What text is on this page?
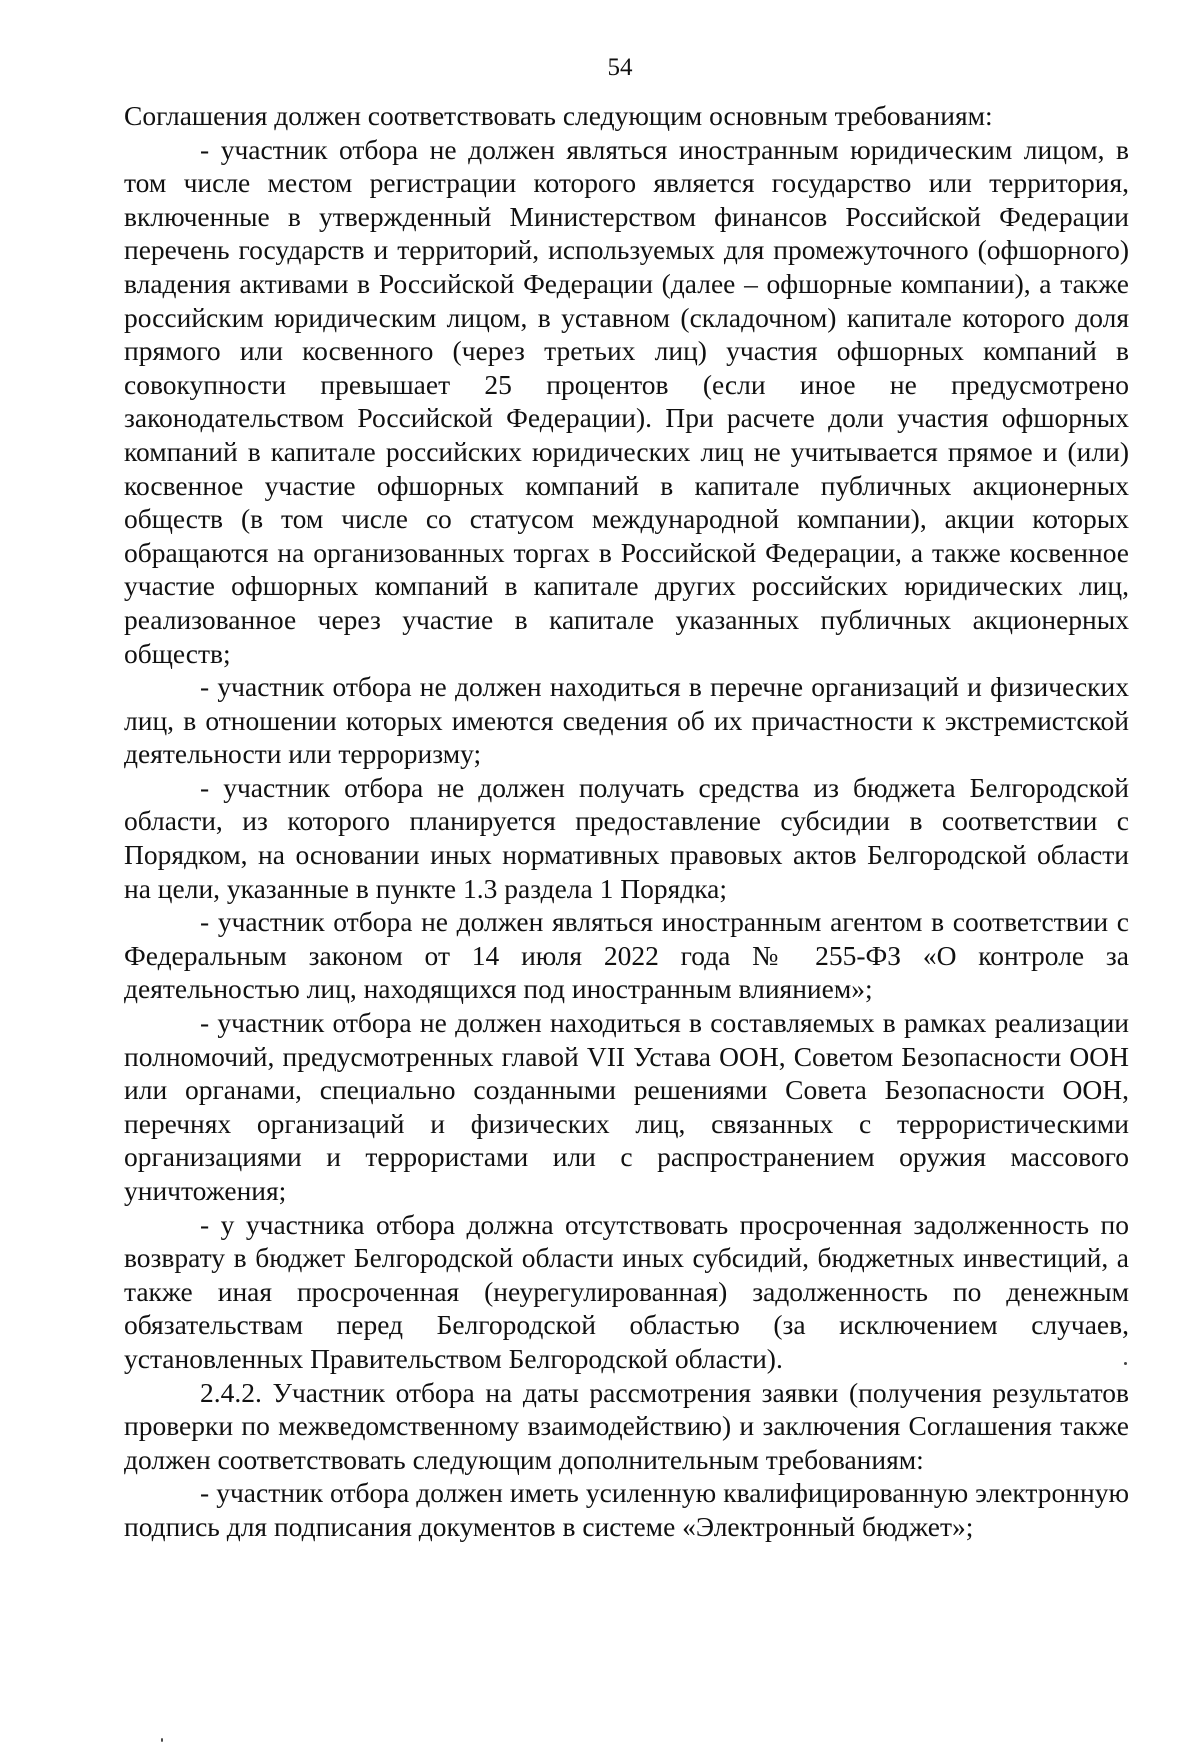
54

Соглашения должен соответствовать следующим основным требованиям:

- участник отбора не должен являться иностранным юридическим лицом, в том числе местом регистрации которого является государство или территория, включенные в утвержденный Министерством финансов Российской Федерации перечень государств и территорий, используемых для промежуточного (офшорного) владения активами в Российской Федерации (далее – офшорные компании), а также российским юридическим лицом, в уставном (складочном) капитале которого доля прямого или косвенного (через третьих лиц) участия офшорных компаний в совокупности превышает 25 процентов (если иное не предусмотрено законодательством Российской Федерации). При расчете доли участия офшорных компаний в капитале российских юридических лиц не учитывается прямое и (или) косвенное участие офшорных компаний в капитале публичных акционерных обществ (в том числе со статусом международной компании), акции которых обращаются на организованных торгах в Российской Федерации, а также косвенное участие офшорных компаний в капитале других российских юридических лиц, реализованное через участие в капитале указанных публичных акционерных обществ;

- участник отбора не должен находиться в перечне организаций и физических лиц, в отношении которых имеются сведения об их причастности к экстремистской деятельности или терроризму;

- участник отбора не должен получать средства из бюджета Белгородской области, из которого планируется предоставление субсидии в соответствии с Порядком, на основании иных нормативных правовых актов Белгородской области на цели, указанные в пункте 1.3 раздела 1 Порядка;

- участник отбора не должен являться иностранным агентом в соответствии с Федеральным законом от 14 июля 2022 года № 255-ФЗ «О контроле за деятельностью лиц, находящихся под иностранным влиянием»;

- участник отбора не должен находиться в составляемых в рамках реализации полномочий, предусмотренных главой VII Устава ООН, Советом Безопасности ООН или органами, специально созданными решениями Совета Безопасности ООН, перечнях организаций и физических лиц, связанных с террористическими организациями и террористами или с распространением оружия массового уничтожения;

- у участника отбора должна отсутствовать просроченная задолженность по возврату в бюджет Белгородской области иных субсидий, бюджетных инвестиций, а также иная просроченная (неурегулированная) задолженность по денежным обязательствам перед Белгородской областью (за исключением случаев, установленных Правительством Белгородской области).

2.4.2. Участник отбора на даты рассмотрения заявки (получения результатов проверки по межведомственному взаимодействию) и заключения Соглашения также должен соответствовать следующим дополнительным требованиям:

- участник отбора должен иметь усиленную квалифицированную электронную подпись для подписания документов в системе «Электронный бюджет»;
